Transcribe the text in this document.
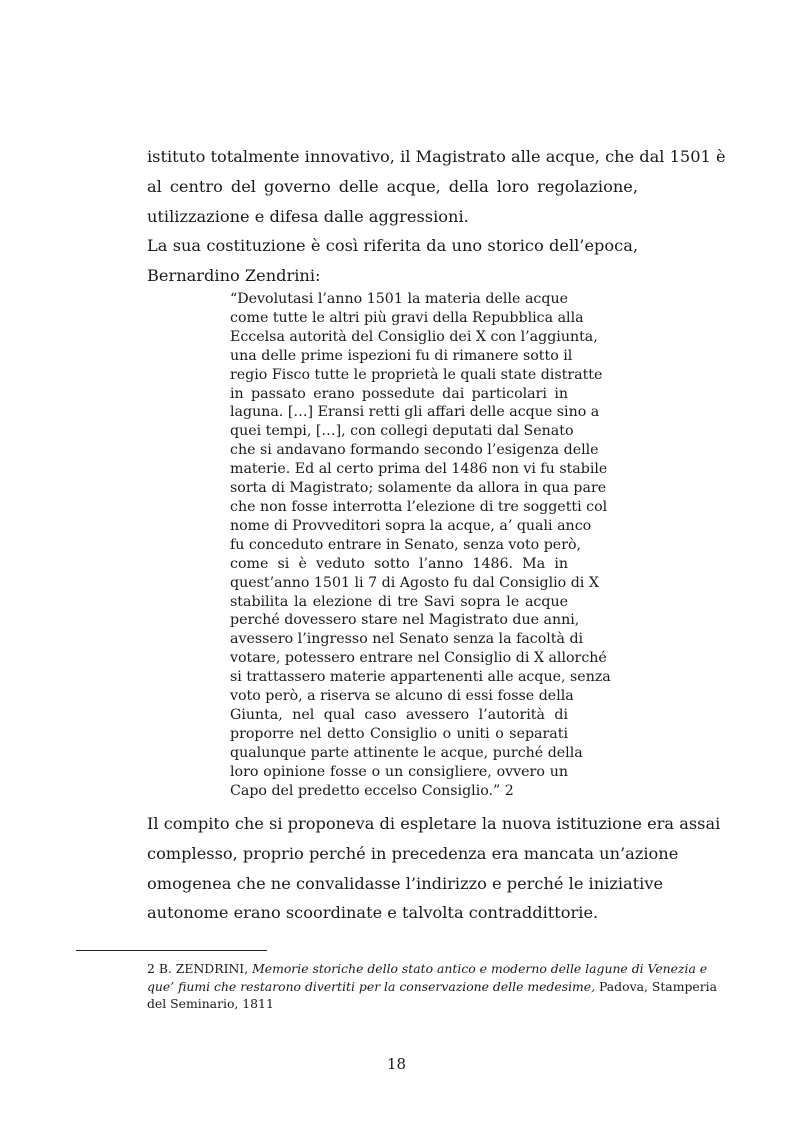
istituto totalmente innovativo, il Magistrato alle acque, che dal 1501 è
al centro del governo delle acque, della loro regolazione,
utilizzazione e difesa dalle aggressioni.
La sua costituzione è così riferita da uno storico dell’epoca,
Bernardino Zendrini:
“Devolutasi l’anno 1501 la materia delle acque
come tutte le altri più gravi della Repubblica alla
Eccelsa autorità del Consiglio dei X con l’aggiunta,
una delle prime ispezioni fu di rimanere sotto il
regio Fisco tutte le proprietà le quali state distratte
in passato erano possedute dai particolari in
laguna. […] Eransi retti gli affari delle acque sino a
quei tempi, […], con collegi deputati dal Senato
che si andavano formando secondo l’esigenza delle
materie. Ed al certo prima del 1486 non vi fu stabile
sorta di Magistrato; solamente da allora in qua pare
che non fosse interrotta l’elezione di tre soggetti col
nome di Provveditori sopra la acque, a’ quali anco
fu conceduto entrare in Senato, senza voto però,
come si è veduto sotto l’anno 1486. Ma in
quest’anno 1501 li 7 di Agosto fu dal Consiglio di X
stabilita la elezione di tre Savi sopra le acque
perché dovessero stare nel Magistrato due anni,
avessero l’ingresso nel Senato senza la facoltà di
votare, potessero entrare nel Consiglio di X allorché
si trattassero materie appartenenti alle acque, senza
voto però, a riserva se alcuno di essi fosse della
Giunta, nel qual caso avessero l’autorità di
proporre nel detto Consiglio o uniti o separati
qualunque parte attinente le acque, purché della
loro opinione fosse o un consigliere, ovvero un
Capo del predetto eccelso Consiglio.” 2
Il compito che si proponeva di espletare la nuova istituzione era assai
complesso, proprio perché in precedenza era mancata un’azione
omogenea che ne convalidasse l’indirizzo e perché le iniziative
autonome erano scoordinate e talvolta contraddittorie.
2 B. ZENDRINI, Memorie storiche dello stato antico e moderno delle lagune di Venezia e
que’ fiumi che restarono divertiti per la conservazione delle medesime, Padova, Stamperia
del Seminario, 1811
18
